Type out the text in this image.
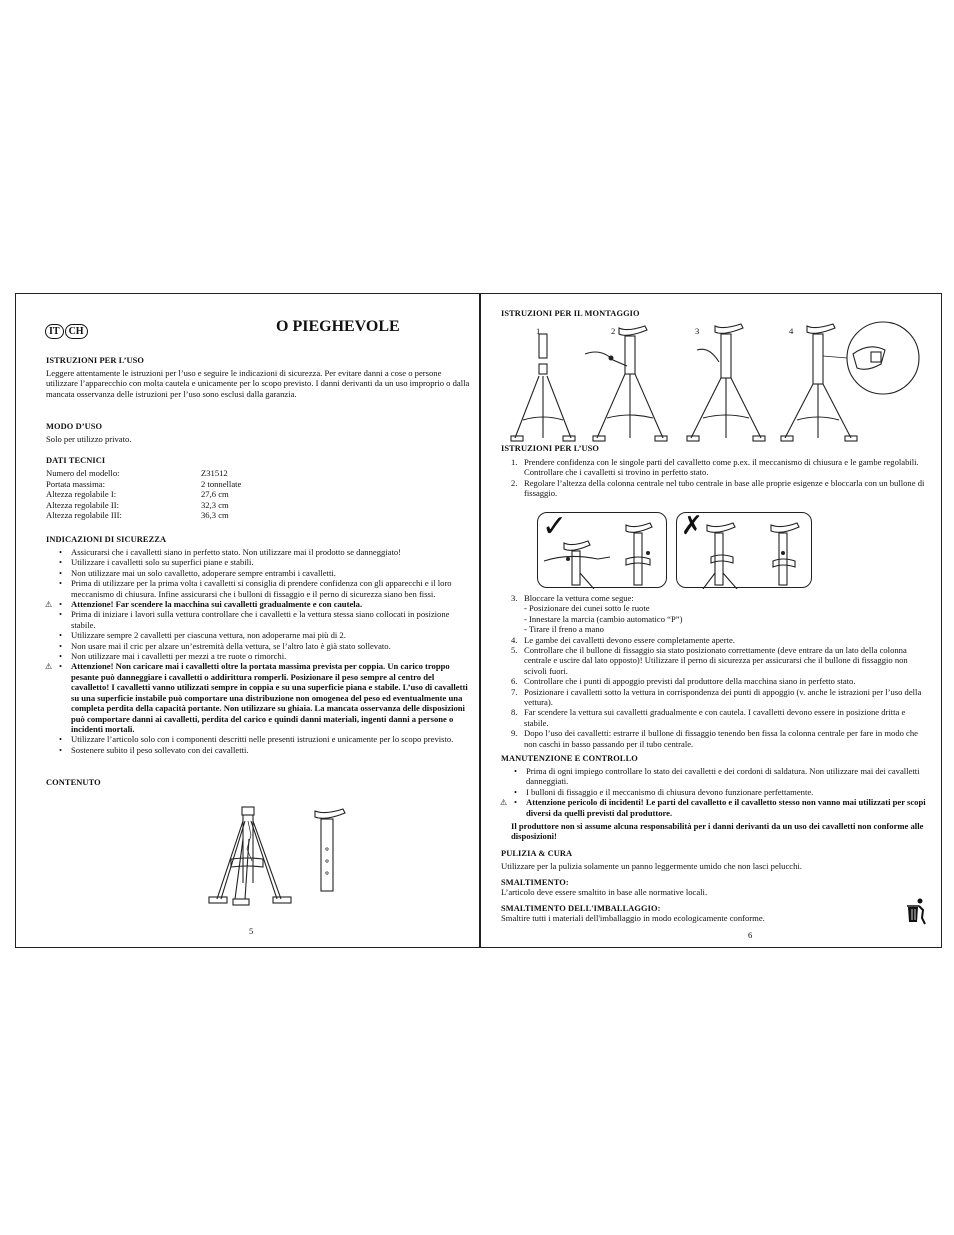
IT CH	O PIEGHEVOLE
ISTRUZIONI PER L’USO

Leggere attentamente le istruzioni per l’uso e seguire le indicazioni di sicurezza. Per evitare danni a cose o persone utilizzare l’apparecchio con molta cautela e unicamente per lo scopo previsto. I danni derivanti da un uso improprio o dalla mancata osservanza delle istruzioni per l’uso sono esclusi dalla garanzia.

MODO D’USO

Solo per utilizzo privato.

DATI TECNICI
Numero del modello:	Z31512
Portata massima:	2 tonnellate
Altezza regolabile I:	27,6 cm
Altezza regolabile II:	32,3 cm
Altezza regolabile III:	36,3 cm
INDICAZIONI DI SICUREZZA
• Assicurarsi che i cavalletti siano in perfetto stato. Non utilizzare mai il prodotto se danneggiato!
• Utilizzare i cavalletti solo su superfici piane e stabili.
• Non utilizzare mai un solo cavalletto, adoperare sempre entrambi i cavalletti.
• Prima di utilizzare per la prima volta i cavalletti si consiglia di prendere confidenza con gli apparecchi e il loro meccanismo di chiusura. Infine assicurarsi che i bulloni di fissaggio e il perno di sicurezza siano ben fissi.
• ⚠ Attenzione! Far scendere la macchina sui cavalletti gradualmente e con cautela.
• Prima di iniziare i lavori sulla vettura controllare che i cavalletti e la vettura stessa siano collocati in posizione stabile.
• Utilizzare sempre 2 cavalletti per ciascuna vettura, non adoperarne mai più di 2.
• Non usare mai il cric per alzare un’estremità della vettura, se l’altro lato è già stato sollevato.
• Non utilizzare mai i cavalletti per mezzi a tre ruote o rimorchi.
• ⚠ Attenzione! Non caricare mai i cavalletti oltre la portata massima prevista per coppia. Un carico troppo pesante può danneggiare i cavalletti o addirittura romperli. Posizionare il peso sempre al centro del cavalletto! I cavalletti vanno utilizzati sempre in coppia e su una superficie piana e stabile. L’uso di cavalletti su una superficie instabile può comportare una distribuzione non omogenea del peso ed eventualmente una completa perdita della capacità portante. Non utilizzare su ghiaia. La mancata osservanza delle disposizioni può comportare danni ai cavalletti, perdita del carico e quindi danni materiali, ingenti danni a persone o incidenti mortali.
• Utilizzare l’articolo solo con i componenti descritti nelle presenti istruzioni e unicamente per lo scopo previsto.
• Sostenere subito il peso sollevato con dei cavalletti.
CONTENUTO
5
ISTRUZIONI PER IL MONTAGGIO
1	2	3	4
ISTRUZIONI PER L’USO
1. Prendere confidenza con le singole parti del cavalletto come p.ex. il meccanismo di chiusura e le gambe regolabili. Controllare che i cavalletti si trovino in perfetto stato.
2. Regolare l’altezza della colonna centrale nel tubo centrale in base alle proprie esigenze e bloccarla con un bullone di fissaggio.
✓	✗
3. Bloccare la vettura come segue:
- Posizionare dei cunei sotto le ruote
- Innestare la marcia (cambio automatico “P”)
- Tirare il freno a mano
4. Le gambe dei cavalletti devono essere completamente aperte.
5. Controllare che il bullone di fissaggio sia stato posizionato correttamente (deve entrare da un lato della colonna centrale e uscire dal lato opposto)! Utilizzare il perno di sicurezza per assicurarsi che il bullone di fissaggio non scivoli fuori.
6. Controllare che i punti di appoggio previsti dal produttore della macchina siano in perfetto stato.
7. Posizionare i cavalletti sotto la vettura in corrispondenza dei punti di appoggio (v. anche le istrazioni per l’uso della vettura).
8. Far scendere la vettura sui cavalletti gradualmente e con cautela. I cavalletti devono essere in posizione dritta e stabile.
9. Dopo l’uso dei cavalletti: estrarre il bullone di fissaggio tenendo ben fissa la colonna centrale per fare in modo che non caschi in basso passando per il tubo centrale.
MANUTENZIONE E CONTROLLO
• Prima di ogni impiego controllare lo stato dei cavalletti e dei cordoni di saldatura. Non utilizzare mai dei cavalletti danneggiati.
• I bulloni di fissaggio e il meccanismo di chiusura devono funzionare perfettamente.
• ⚠ Attenzione pericolo di incidenti! Le parti del cavalletto e il cavalletto stesso non vanno mai utilizzati per scopi diversi da quelli previsti dal produttore.

Il produttore non si assume alcuna responsabilità per i danni derivanti da un uso dei cavalletti non conforme alle disposizioni!

PULIZIA & CURA

Utilizzare per la pulizia solamente un panno leggermente umido che non lasci pelucchi.

SMALTIMENTO:

L’articolo deve essere smaltito in base alle normative locali.

SMALTIMENTO DELL'IMBALLAGGIO:

Smaltire tutti i materiali dell'imballaggio in modo ecologicamente conforme.

6
